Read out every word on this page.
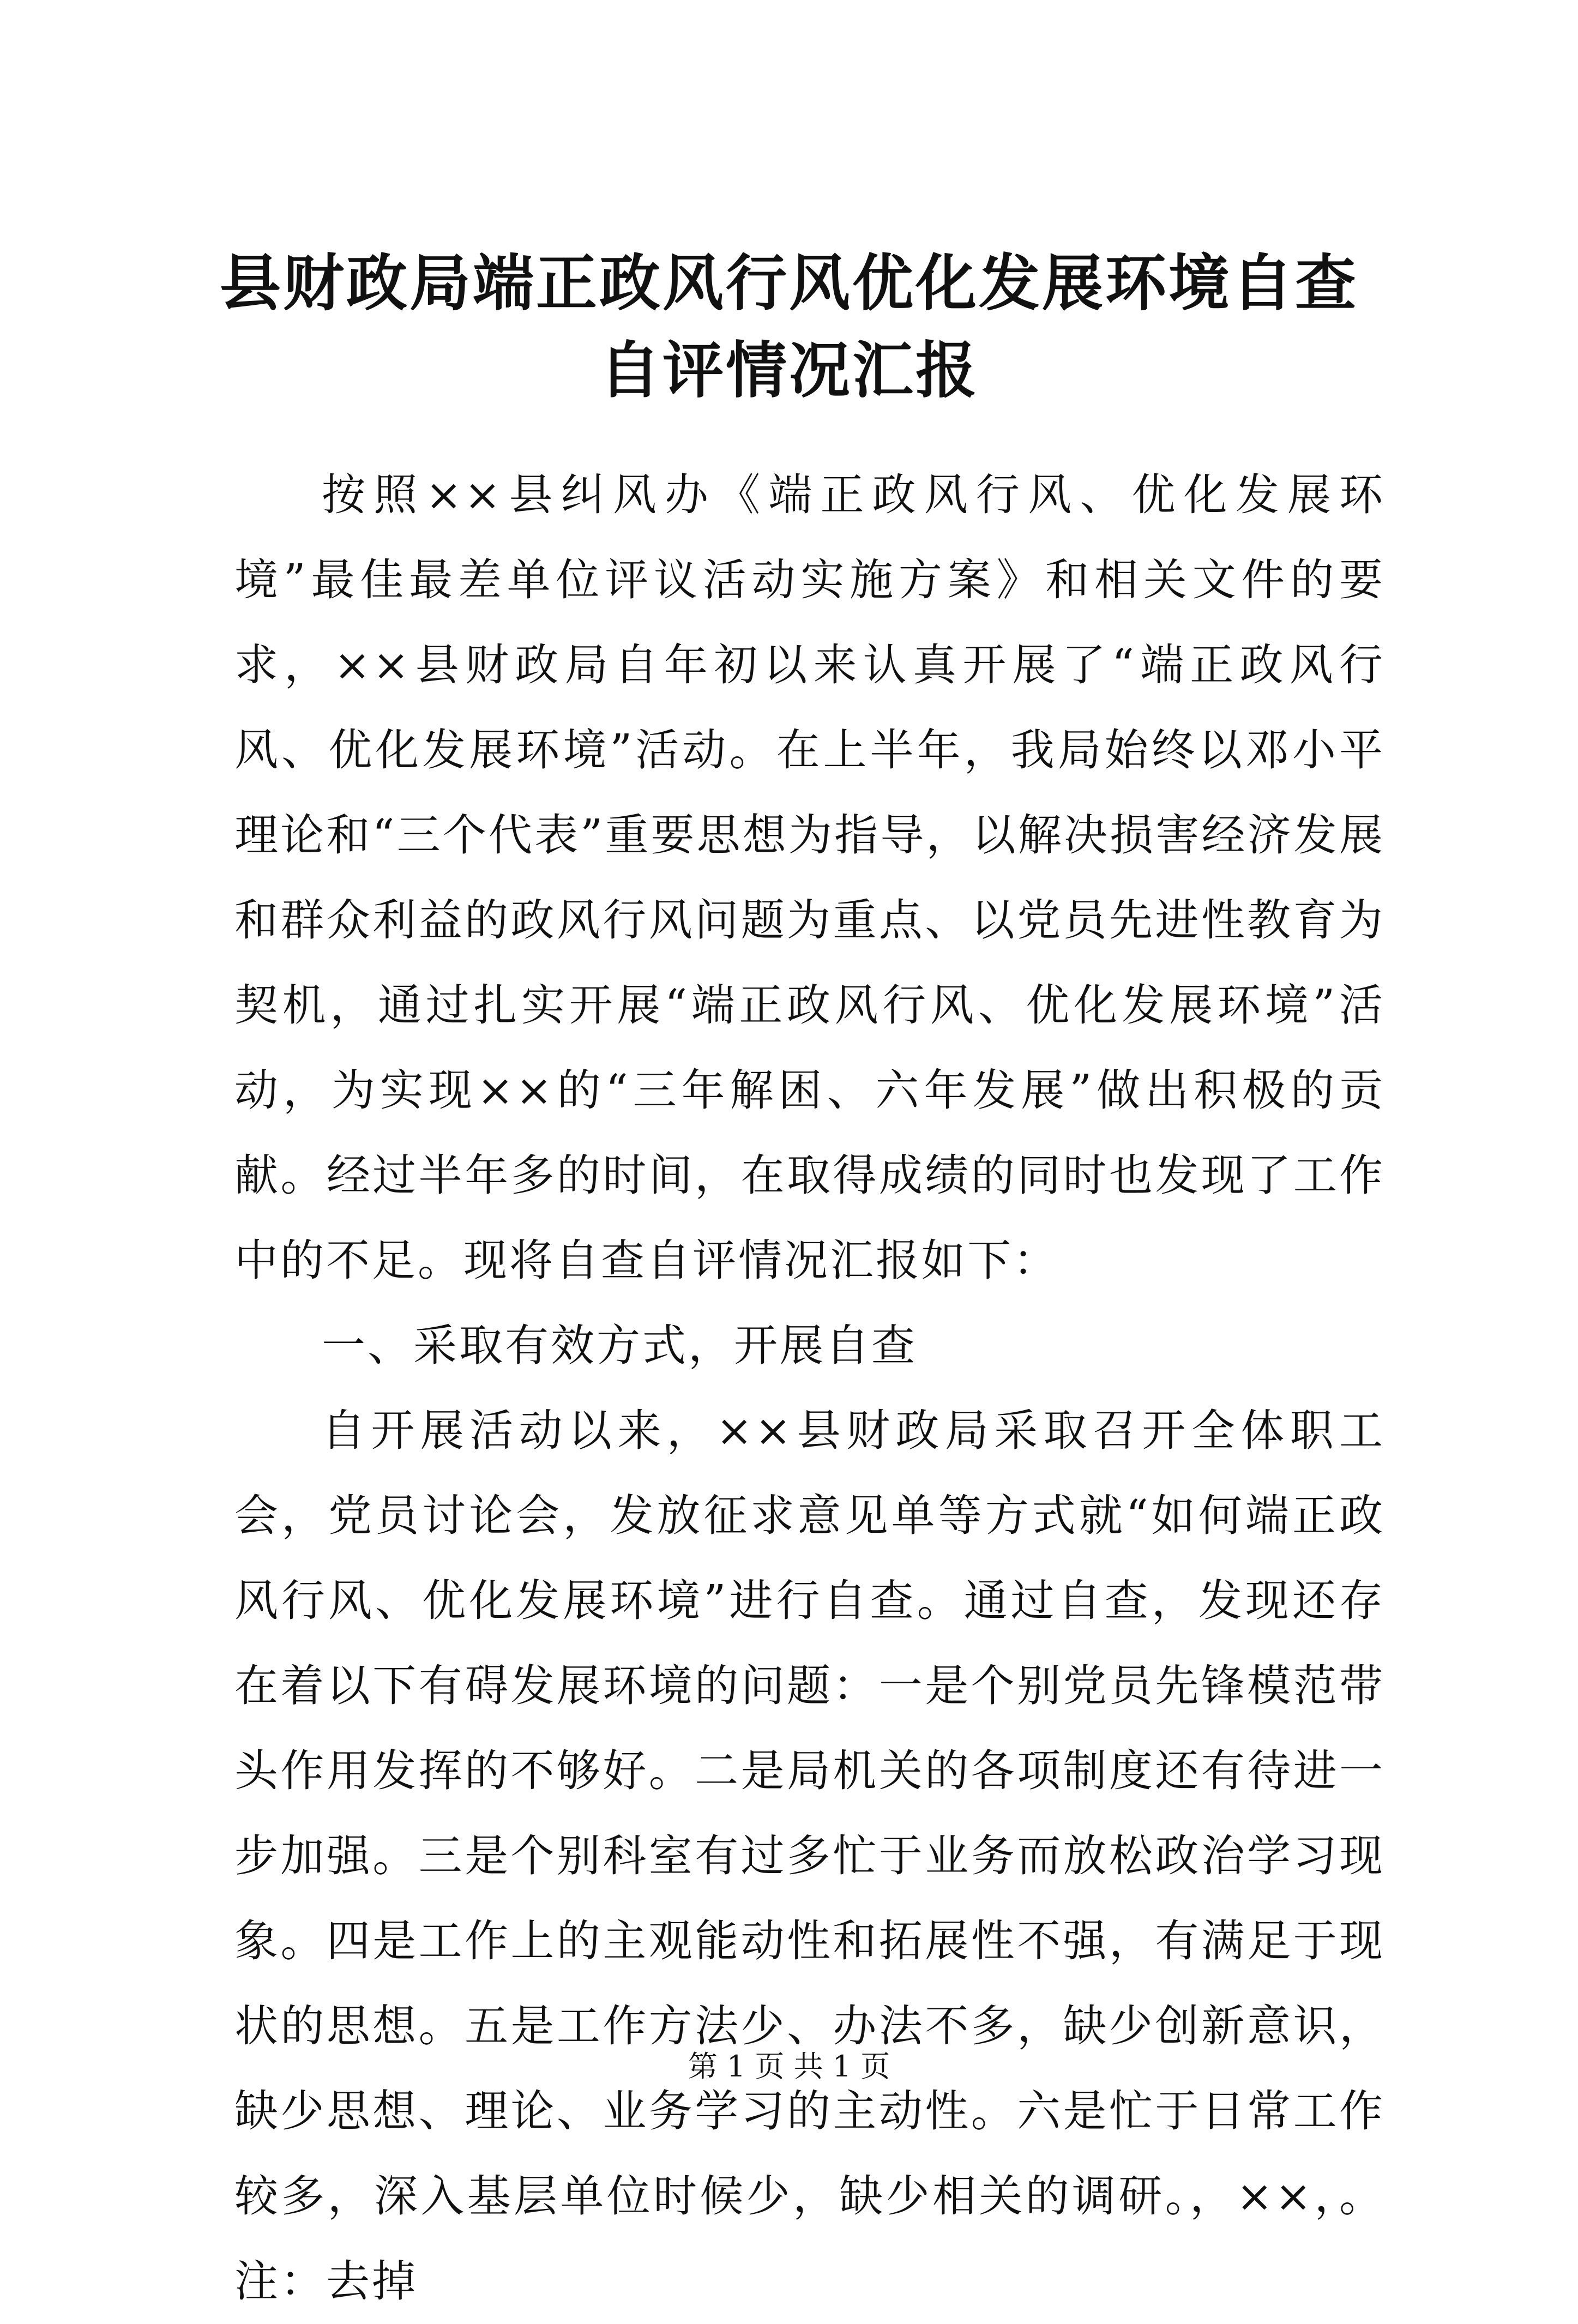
县财政局端正政风行风优化发展环境自查自评情况汇报

按照××县纠风办《端正政风行风、优化发展环境”最佳最差单位评议活动实施方案》和相关文件的要求，××县财政局自年初以来认真开展了“端正政风行风、优化发展环境”活动。在上半年，我局始终以邓小平理论和“三个代表”重要思想为指导，以解决损害经济发展和群众利益的政风行风问题为重点、以党员先进性教育为契机，通过扎实开展“端正政风行风、优化发展环境”活动，为实现××的“三年解困、六年发展”做出积极的贡献。经过半年多的时间，在取得成绩的同时也发现了工作中的不足。现将自查自评情况汇报如下：

一、采取有效方式，开展自查

自开展活动以来，××县财政局采取召开全体职工会，党员讨论会，发放征求意见单等方式就“如何端正政风行风、优化发展环境”进行自查。通过自查，发现还存在着以下有碍发展环境的问题：一是个别党员先锋模范带头作用发挥的不够好。二是局机关的各项制度还有待进一步加强。三是个别科室有过多忙于业务而放松政治学习现象。四是工作上的主观能动性和拓展性不强，有满足于现状的思想。五是工作方法少、办法不多，缺少创新意识，缺少思想、理论、业务学习的主动性。六是忙于日常工作较多，深入基层单位时候少，缺少相关的调研。，××，。注：去掉

第 1 页 共 1 页
